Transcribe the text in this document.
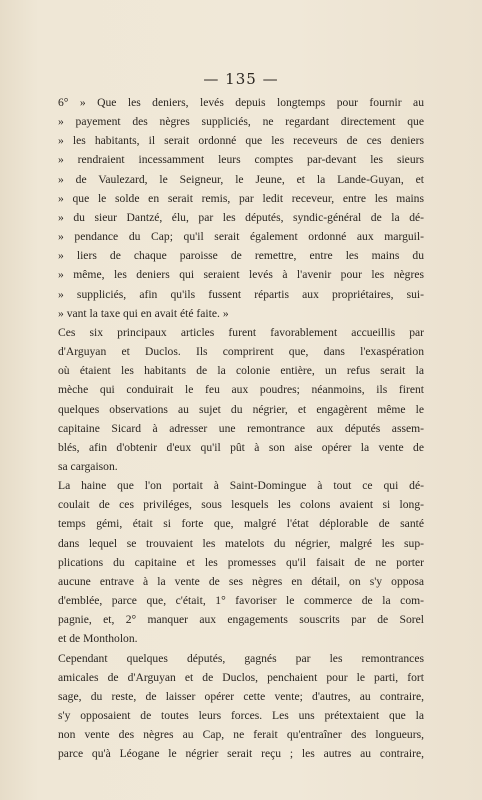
— 135 —
6° » Que les deniers, levés depuis longtemps pour fournir au
» payement des nègres suppliciés, ne regardant directement que
» les habitants, il serait ordonné que les receveurs de ces deniers
» rendraient incessamment leurs comptes par-devant les sieurs
» de Vaulezard, le Seigneur, le Jeune, et la Lande-Guyan, et
» que le solde en serait remis, par ledit receveur, entre les mains
» du sieur Dantzé, élu, par les députés, syndic-général de la dé-
» pendance du Cap; qu'il serait également ordonné aux marguil-
» liers de chaque paroisse de remettre, entre les mains du
» même, les deniers qui seraient levés à l'avenir pour les nègres
» suppliciés, afin qu'ils fussent répartis aux propriétaires, sui-
» vant la taxe qui en avait été faite. »
Ces six principaux articles furent favorablement accueillis par
d'Arguyan et Duclos. Ils comprirent que, dans l'exaspération
où étaient les habitants de la colonie entière, un refus serait la
mèche qui conduirait le feu aux poudres; néanmoins, ils firent
quelques observations au sujet du négrier, et engagèrent même le
capitaine Sicard à adresser une remontrance aux députés assem-
blés, afin d'obtenir d'eux qu'il pût à son aise opérer la vente de
sa cargaison.
La haine que l'on portait à Saint-Domingue à tout ce qui dé-
coulait de ces priviléges, sous lesquels les colons avaient si long-
temps gémi, était si forte que, malgré l'état déplorable de santé
dans lequel se trouvaient les matelots du négrier, malgré les sup-
plications du capitaine et les promesses qu'il faisait de ne porter
aucune entrave à la vente de ses nègres en détail, on s'y opposa
d'emblée, parce que, c'était, 1° favoriser le commerce de la com-
pagnie, et, 2° manquer aux engagements souscrits par de Sorel
et de Montholon.
Cependant quelques députés, gagnés par les remontrances
amicales de d'Arguyan et de Duclos, penchaient pour le parti, fort
sage, du reste, de laisser opérer cette vente; d'autres, au contraire,
s'y opposaient de toutes leurs forces. Les uns prétextaient que la
non vente des nègres au Cap, ne ferait qu'entraîner des longueurs,
parce qu'à Léogane le négrier serait reçu ; les autres au contraire,
